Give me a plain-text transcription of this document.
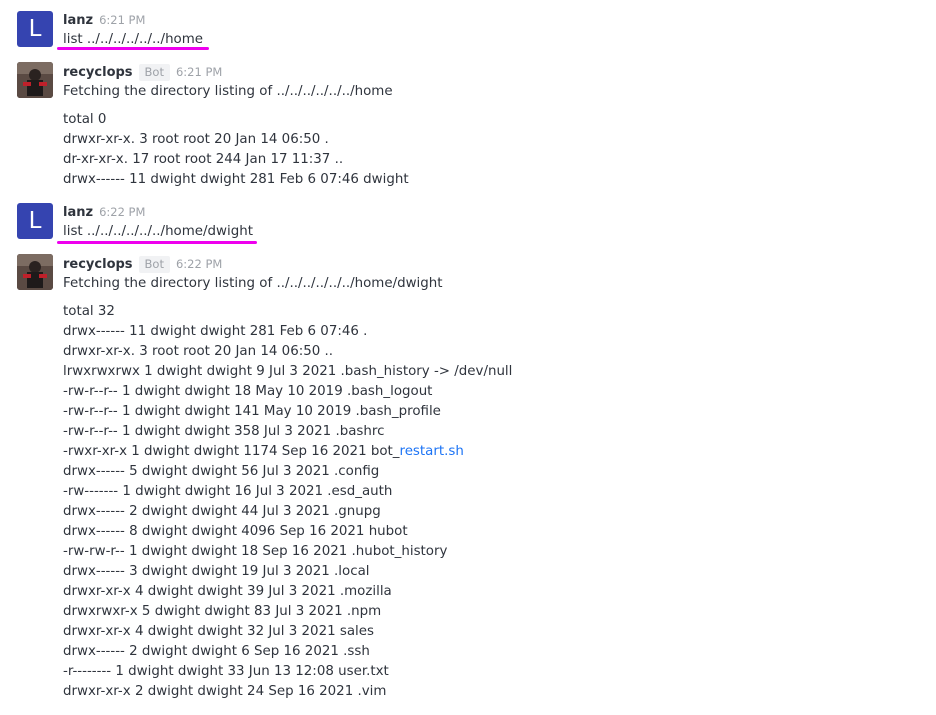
L	lanz 6:21 PM
list ../../../../../../home
recyclops Bot 6:21 PM
Fetching the directory listing of ../../../../../../home
total 0
drwxr-xr-x. 3 root root 20 Jan 14 06:50 .
dr-xr-xr-x. 17 root root 244 Jan 17 11:37 ..
drwx------ 11 dwight dwight 281 Feb 6 07:46 dwight
L	lanz 6:22 PM
list ../../../../../../home/dwight
recyclops Bot 6:22 PM
Fetching the directory listing of ../../../../../../home/dwight
total 32
drwx------ 11 dwight dwight 281 Feb 6 07:46 .
drwxr-xr-x. 3 root root 20 Jan 14 06:50 ..
lrwxrwxrwx 1 dwight dwight 9 Jul 3 2021 .bash_history -> /dev/null
-rw-r--r-- 1 dwight dwight 18 May 10 2019 .bash_logout
-rw-r--r-- 1 dwight dwight 141 May 10 2019 .bash_profile
-rw-r--r-- 1 dwight dwight 358 Jul 3 2021 .bashrc
-rwxr-xr-x 1 dwight dwight 1174 Sep 16 2021 bot_restart.sh
drwx------ 5 dwight dwight 56 Jul 3 2021 .config
-rw------- 1 dwight dwight 16 Jul 3 2021 .esd_auth
drwx------ 2 dwight dwight 44 Jul 3 2021 .gnupg
drwx------ 8 dwight dwight 4096 Sep 16 2021 hubot
-rw-rw-r-- 1 dwight dwight 18 Sep 16 2021 .hubot_history
drwx------ 3 dwight dwight 19 Jul 3 2021 .local
drwxr-xr-x 4 dwight dwight 39 Jul 3 2021 .mozilla
drwxrwxr-x 5 dwight dwight 83 Jul 3 2021 .npm
drwxr-xr-x 4 dwight dwight 32 Jul 3 2021 sales
drwx------ 2 dwight dwight 6 Sep 16 2021 .ssh
-r-------- 1 dwight dwight 33 Jun 13 12:08 user.txt
drwxr-xr-x 2 dwight dwight 24 Sep 16 2021 .vim
